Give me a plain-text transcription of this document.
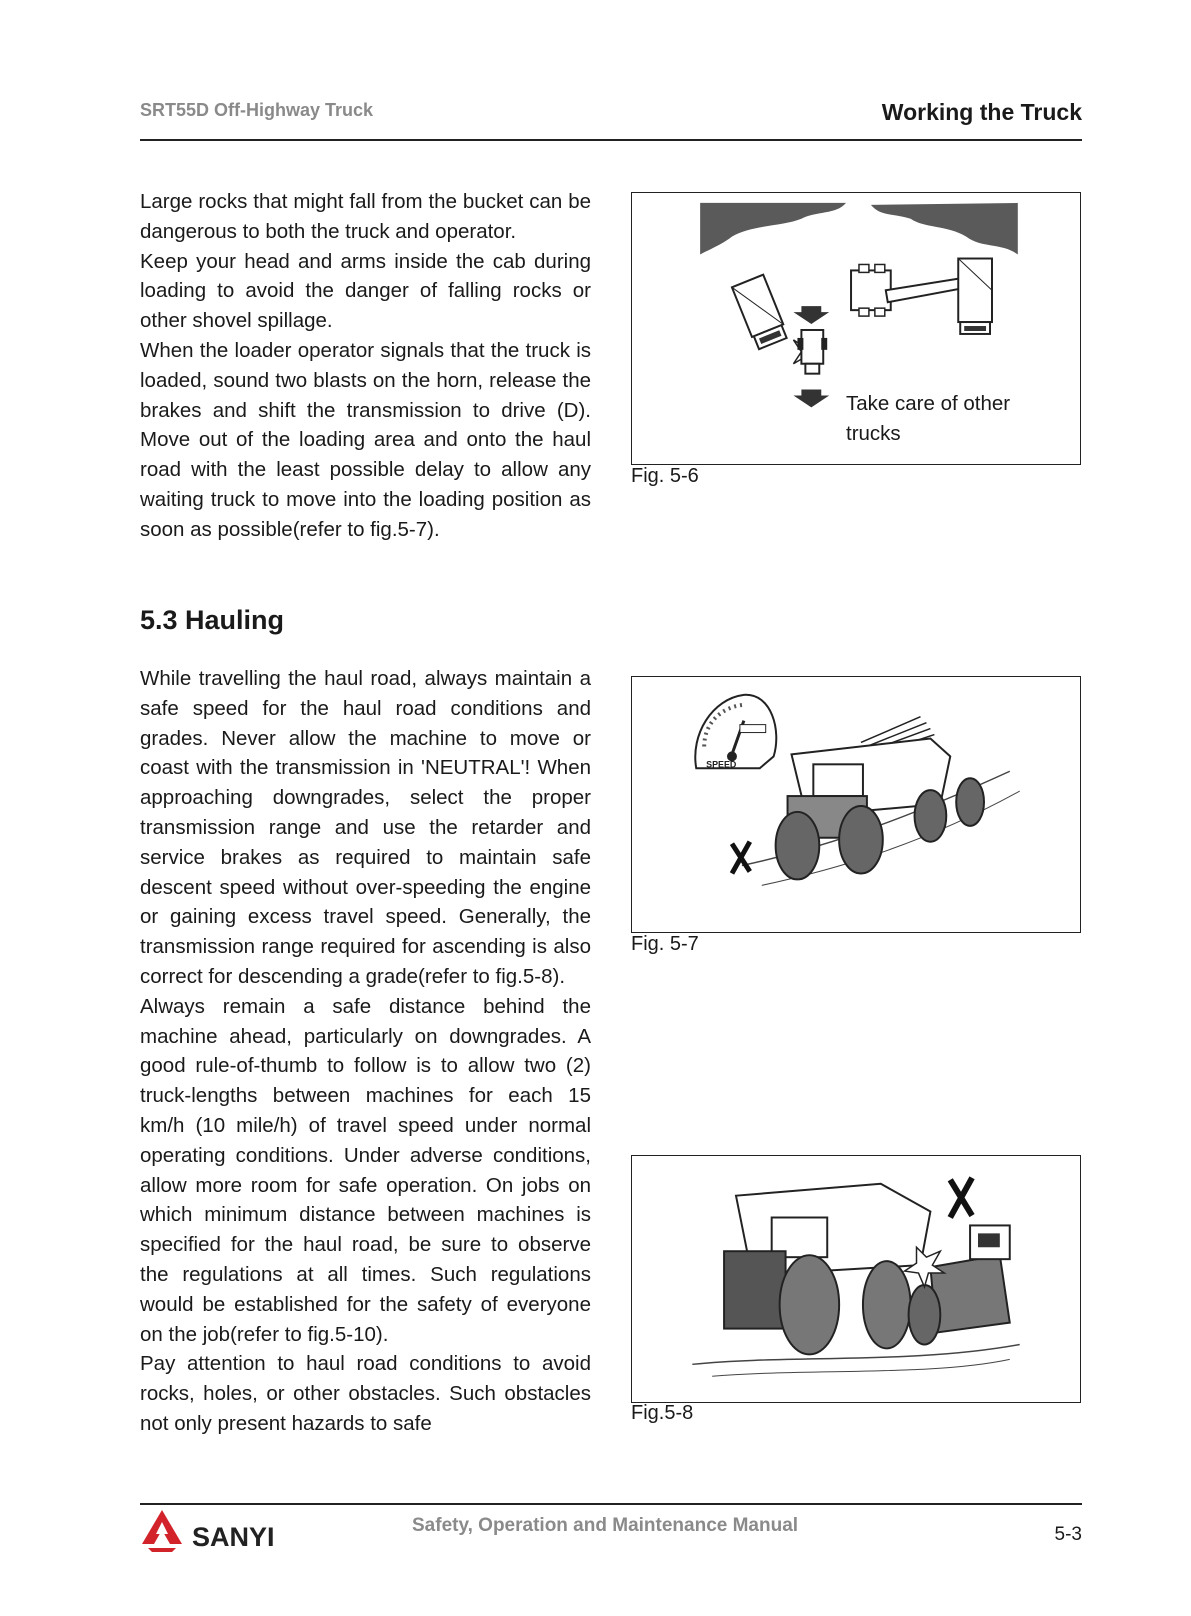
SRT55D Off-Highway Truck	Working the Truck

Large rocks that might fall from the bucket can be dangerous to both the truck and operator.

Keep your head and arms inside the cab during loading to avoid the danger of falling rocks or other shovel spillage.

When the loader operator signals that the truck is loaded, sound two blasts on the horn, release the brakes and shift the transmission to drive (D). Move out of the loading area and onto the haul road with the least possible delay to allow any waiting truck to move into the loading position as soon as possible(refer to fig.5-7).

5.3 Hauling

While travelling the haul road, always maintain a safe speed for the haul road conditions and grades. Never allow the machine to move or coast with the transmission in 'NEUTRAL'! When approaching downgrades, select the proper transmission range and use the retarder and service brakes as required to maintain safe descent speed without over-speeding the engine or gaining excess travel speed. Generally, the transmission range required for ascending is also correct for descending a grade(refer to fig.5-8).

Always remain a safe distance behind the machine ahead, particularly on downgrades. A good rule-of-thumb to follow is to allow two (2) truck-lengths between machines for each 15 km/h (10 mile/h) of travel speed under normal operating conditions. Under adverse conditions, allow more room for safe operation. On jobs on which minimum distance between machines is specified for the haul road, be sure to observe the regulations at all times. Such regulations would be established for the safety of everyone on the job(refer to fig.5-10).

Pay attention to haul road conditions to avoid rocks, holes, or other obstacles. Such obstacles not only present hazards to safe

Take care of other trucks
Fig. 5-6
SPEED
Fig. 5-7
Fig.5-8
SANYI	Safety, Operation and Maintenance Manual	5-3
